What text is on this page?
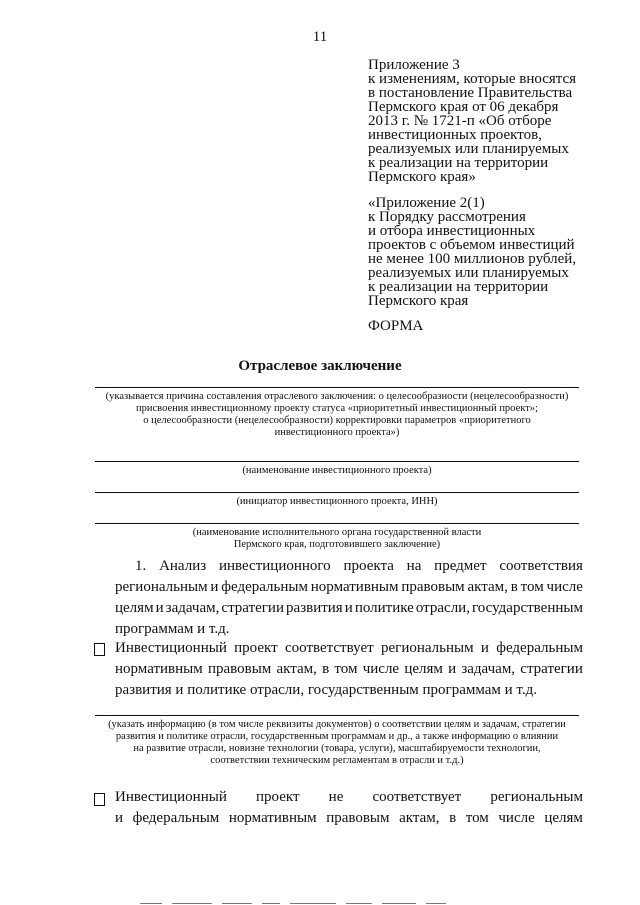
11
Приложение 3
к изменениям, которые вносятся
в постановление Правительства
Пермского края от 06 декабря
2013 г. № 1721-п «Об отборе
инвестиционных проектов,
реализуемых или планируемых
к реализации на территории
Пермского края»
«Приложение 2(1)
к Порядку рассмотрения
и отбора инвестиционных
проектов с объемом инвестиций
не менее 100 миллионов рублей,
реализуемых или планируемых
к реализации на территории
Пермского края
ФОРМА
Отраслевое заключение
(указывается причина составления отраслевого заключения: о целесообразности (нецелесообразности)
присвоения инвестиционному проекту статуса «приоритетный инвестиционный проект»;
о целесообразности (нецелесообразности) корректировки параметров «приоритетного
инвестиционного проекта»)
(наименование инвестиционного проекта)
(инициатор инвестиционного проекта, ИНН)
(наименование исполнительного органа государственной власти
Пермского края, подготовившего заключение)
1. Анализ инвестиционного проекта на предмет соответствия
региональным и федеральным нормативным правовым актам, в том числе
целям и задачам, стратегии развития и политике отрасли, государственным
программам и т.д.
Инвестиционный проект соответствует региональным и федеральным
нормативным правовым актам, в том числе целям и задачам, стратегии
развития и политике отрасли, государственным программам и т.д.
(указать информацию (в том числе реквизиты документов) о соответствии целям и задачам, стратегии
развития и политике отрасли, государственным программам и др., а также информацию о влиянии
на развитие отрасли, новизне технологии (товара, услуги), масштабируемости технологии,
соответствии техническим регламентам в отрасли и т.д.)
Инвестиционный проект не соответствует региональным
и федеральным нормативным правовым актам, в том числе целям
